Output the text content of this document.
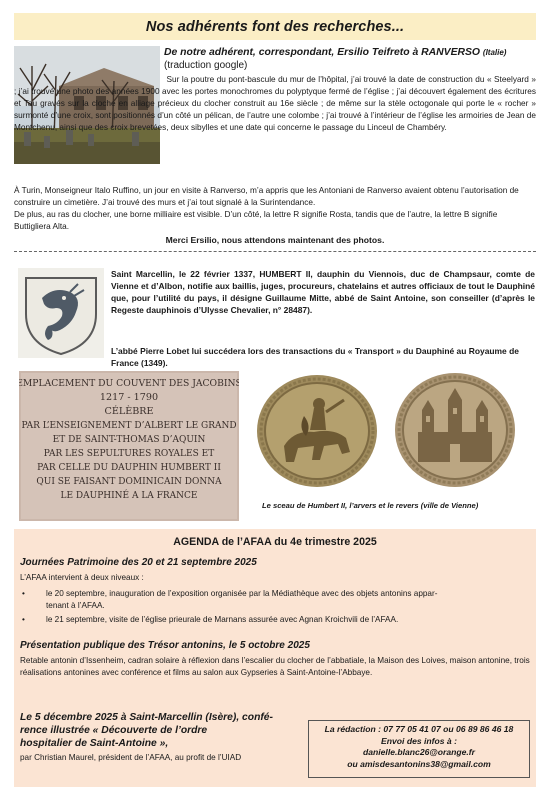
Nos adhérents font des recherches...
De notre adhérent, correspondant, Ersilio Teifreto à RANVERSO (Italie)
(traduction google)
Sur la poutre du pont-bascule du mur de l’hôpital, j’ai trouvé la date de construction du « Steelyard » ; j’ai trouvé une photo des années 1900 avec les portes monochromes du polyptyque fermé de l’église ; j’ai découvert également des écritures et Tau gravés sur la cloche en alliage précieux du clocher construit au 16e siècle ; de même sur la stèle octogonale qui porte le « rocher » surmonté d’une croix, sont positionnés d’un côté un pélican, de l’autre une colombe ; j’ai trouvé à l’intérieur de l’église les armoiries de Jean de Montchenu, ainsi que des croix brevetées, deux sibylles et une date qui concerne le passage du Linceul de Chambéry.

À Turin, Monseigneur Italo Ruffino, un jour en visite à Ranverso, m’a appris que les Antoniani de Ranverso avaient obtenu l’autorisation de construire un cimetière. J’ai trouvé des murs et j’ai tout signalé à la Surintendance.

De plus, au ras du clocher, une borne milliaire est visible. D’un côté, la lettre R signifie Rosta, tandis que de l’autre, la lettre B signifie Buttigliera Alta.

Merci Ersilio, nous attendons maintenant des photos.
Saint Marcellin, le 22 février 1337, HUMBERT II, dauphin du Viennois, duc de Champsaur, comte de Vienne et d’Albon, notifie aux baillis, juges, procureurs, chatelains et autres officiaux de tout le Dauphiné que, pour l’utilité du pays, il désigne Guillaume Mitte, abbé de Saint Antoine, son conseiller (d’après le Regeste dauphinois d’Ulysse Chevalier, n° 28487).
L’abbé Pierre Lobet lui succédera lors des transactions du « Transport » du Dauphiné au Royaume de France (1349).
EMPLACEMENT DU COUVENT DES JACOBINS
1217 - 1790
CÉLÈBRE
PAR L’ENSEIGNEMENT D’ALBERT LE GRAND
ET DE SAINT-THOMAS D’AQUIN
PAR LES SEPULTURES ROYALES ET
PAR CELLE DU DAUPHIN HUMBERT II
QUI SE FAISANT DOMINICAIN DONNA
LE DAUPHINÉ A LA FRANCE
Le sceau de Humbert II, l’arvers et le revers (ville de Vienne)
AGENDA de l’AFAA du 4e trimestre 2025
Journées Patrimoine des 20 et 21 septembre 2025
L’AFAA intervient à deux niveaux :
•	le 20 septembre, inauguration de l’exposition organisée par la Médiathèque avec des objets antonins appar-
tenant à l’AFAA.
•	le 21 septembre, visite de l’église prieurale de Marnans assurée avec Agnan Kroichvili de l’AFAA.
Présentation publique des Trésor antonins, le 5 octobre 2025
Retable antonin d’Issenheim, cadran solaire à réflexion dans l’escalier du clocher de l’abbatiale, la Maison des Loives, maison antonine, trois réalisations antonines avec conférence et films au salon aux Gypseries à Saint-Antoine-l’Abbaye.
Le 5 décembre 2025 à Saint-Marcellin (Isère), confé-
rence illustrée « Découverte de l’ordre
hospitalier de Saint-Antoine »,
par Christian Maurel, président de l’AFAA, au profit de l’UIAD
La rédaction : 07 77 05 41 07 ou 06 89 86 46 18
Envoi des infos à :
danielle.blanc26@orange.fr
ou amisdesantonins38@gmail.com
